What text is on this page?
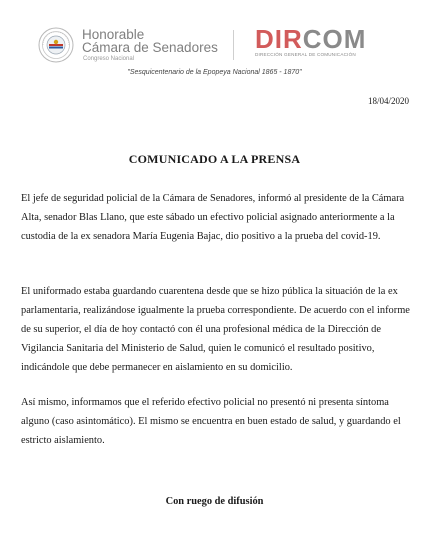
Honorable
Cámara de Senadores
Congreso Nacional
DIRCOM
DIRECCIÓN GENERAL DE COMUNICACIÓN
"Sesquicentenario de la Epopeya Nacional 1865 - 1870"
18/04/2020
COMUNICADO A LA PRENSA

El jefe de seguridad policial de la Cámara de Senadores, informó al presidente de la Cámara Alta, senador Blas Llano, que este sábado un efectivo policial asignado anteriormente a la custodia de la ex senadora María Eugenia Bajac, dio positivo a la prueba del covid-19.

El uniformado estaba guardando cuarentena desde que se hizo pública la situación de la ex parlamentaria, realizándose igualmente la prueba correspondiente. De acuerdo con el informe de su superior, el día de hoy contactó con él una profesional médica de la Dirección de Vigilancia Sanitaria del Ministerio de Salud, quien le comunicó el resultado positivo, indicándole que debe permanecer en aislamiento en su domicilio.

Así mismo, informamos que el referido efectivo policial no presentó ni presenta síntoma alguno (caso asintomático). El mismo se encuentra en buen estado de salud, y guardando el estricto aislamiento.

Con ruego de difusión
